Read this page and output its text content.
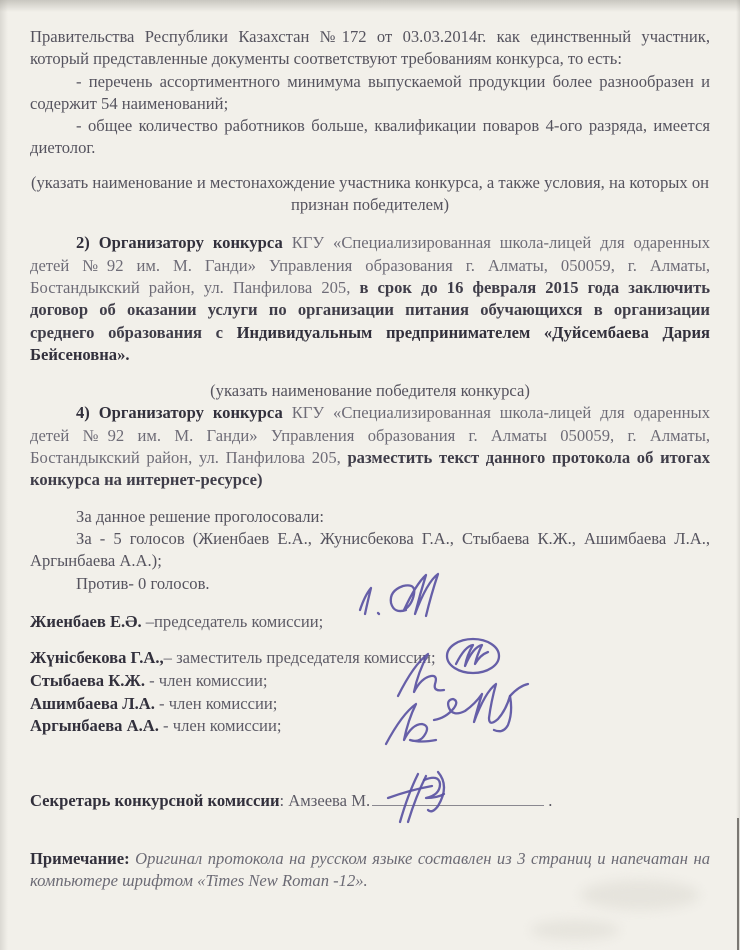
Правительства Республики Казахстан №172 от 03.03.2014г. как единственный участник, который представленные документы соответствуют требованиям конкурса, то есть:

- перечень ассортиментного минимума выпускаемой продукции более разнообразен и содержит 54 наименований;

- общее количество работников больше, квалификации поваров 4-ого разряда, имеется диетолог.

(указать наименование и местонахождение участника конкурса, а также условия, на которых он признан победителем)

2) Организатору конкурса КГУ «Специализированная школа-лицей для одаренных детей №92 им. М. Ганди» Управления образования г. Алматы, 050059, г. Алматы, Бостандыкский район, ул. Панфилова 205, в срок до 16 февраля 2015 года заключить договор об оказании услуги по организации питания обучающихся в организации среднего образования с Индивидуальным предпринимателем «Дуйсембаева Дария Бейсеновна».

(указать наименование победителя конкурса)

4) Организатору конкурса КГУ «Специализированная школа-лицей для одаренных детей №92 им. М. Ганди» Управления образования г. Алматы 050059, г. Алматы, Бостандыкский район, ул. Панфилова 205, разместить текст данного протокола об итогах конкурса на интернет-ресурсе)

За данное решение проголосовали:

За - 5 голосов (Жиенбаев Е.А., Жунисбекова Г.А., Стыбаева К.Ж., Ашимбаева Л.А., Аргынбаева А.А.);

Против- 0 голосов.

Жиенбаев Е.Ә. –председатель комиссии;

Жүнісбекова Г.А.,– заместитель председателя комиссии;

Стыбаева К.Ж. - член комиссии;

Ашимбаева Л.А. - член комиссии;

Аргынбаева А.А. - член комиссии;

Секретарь конкурсной комиссии: Амзеева М.	.

Примечание: Оригинал протокола на русском языке составлен из 3 страниц и напечатан на компьютере шрифтом «Times New Roman -12».
